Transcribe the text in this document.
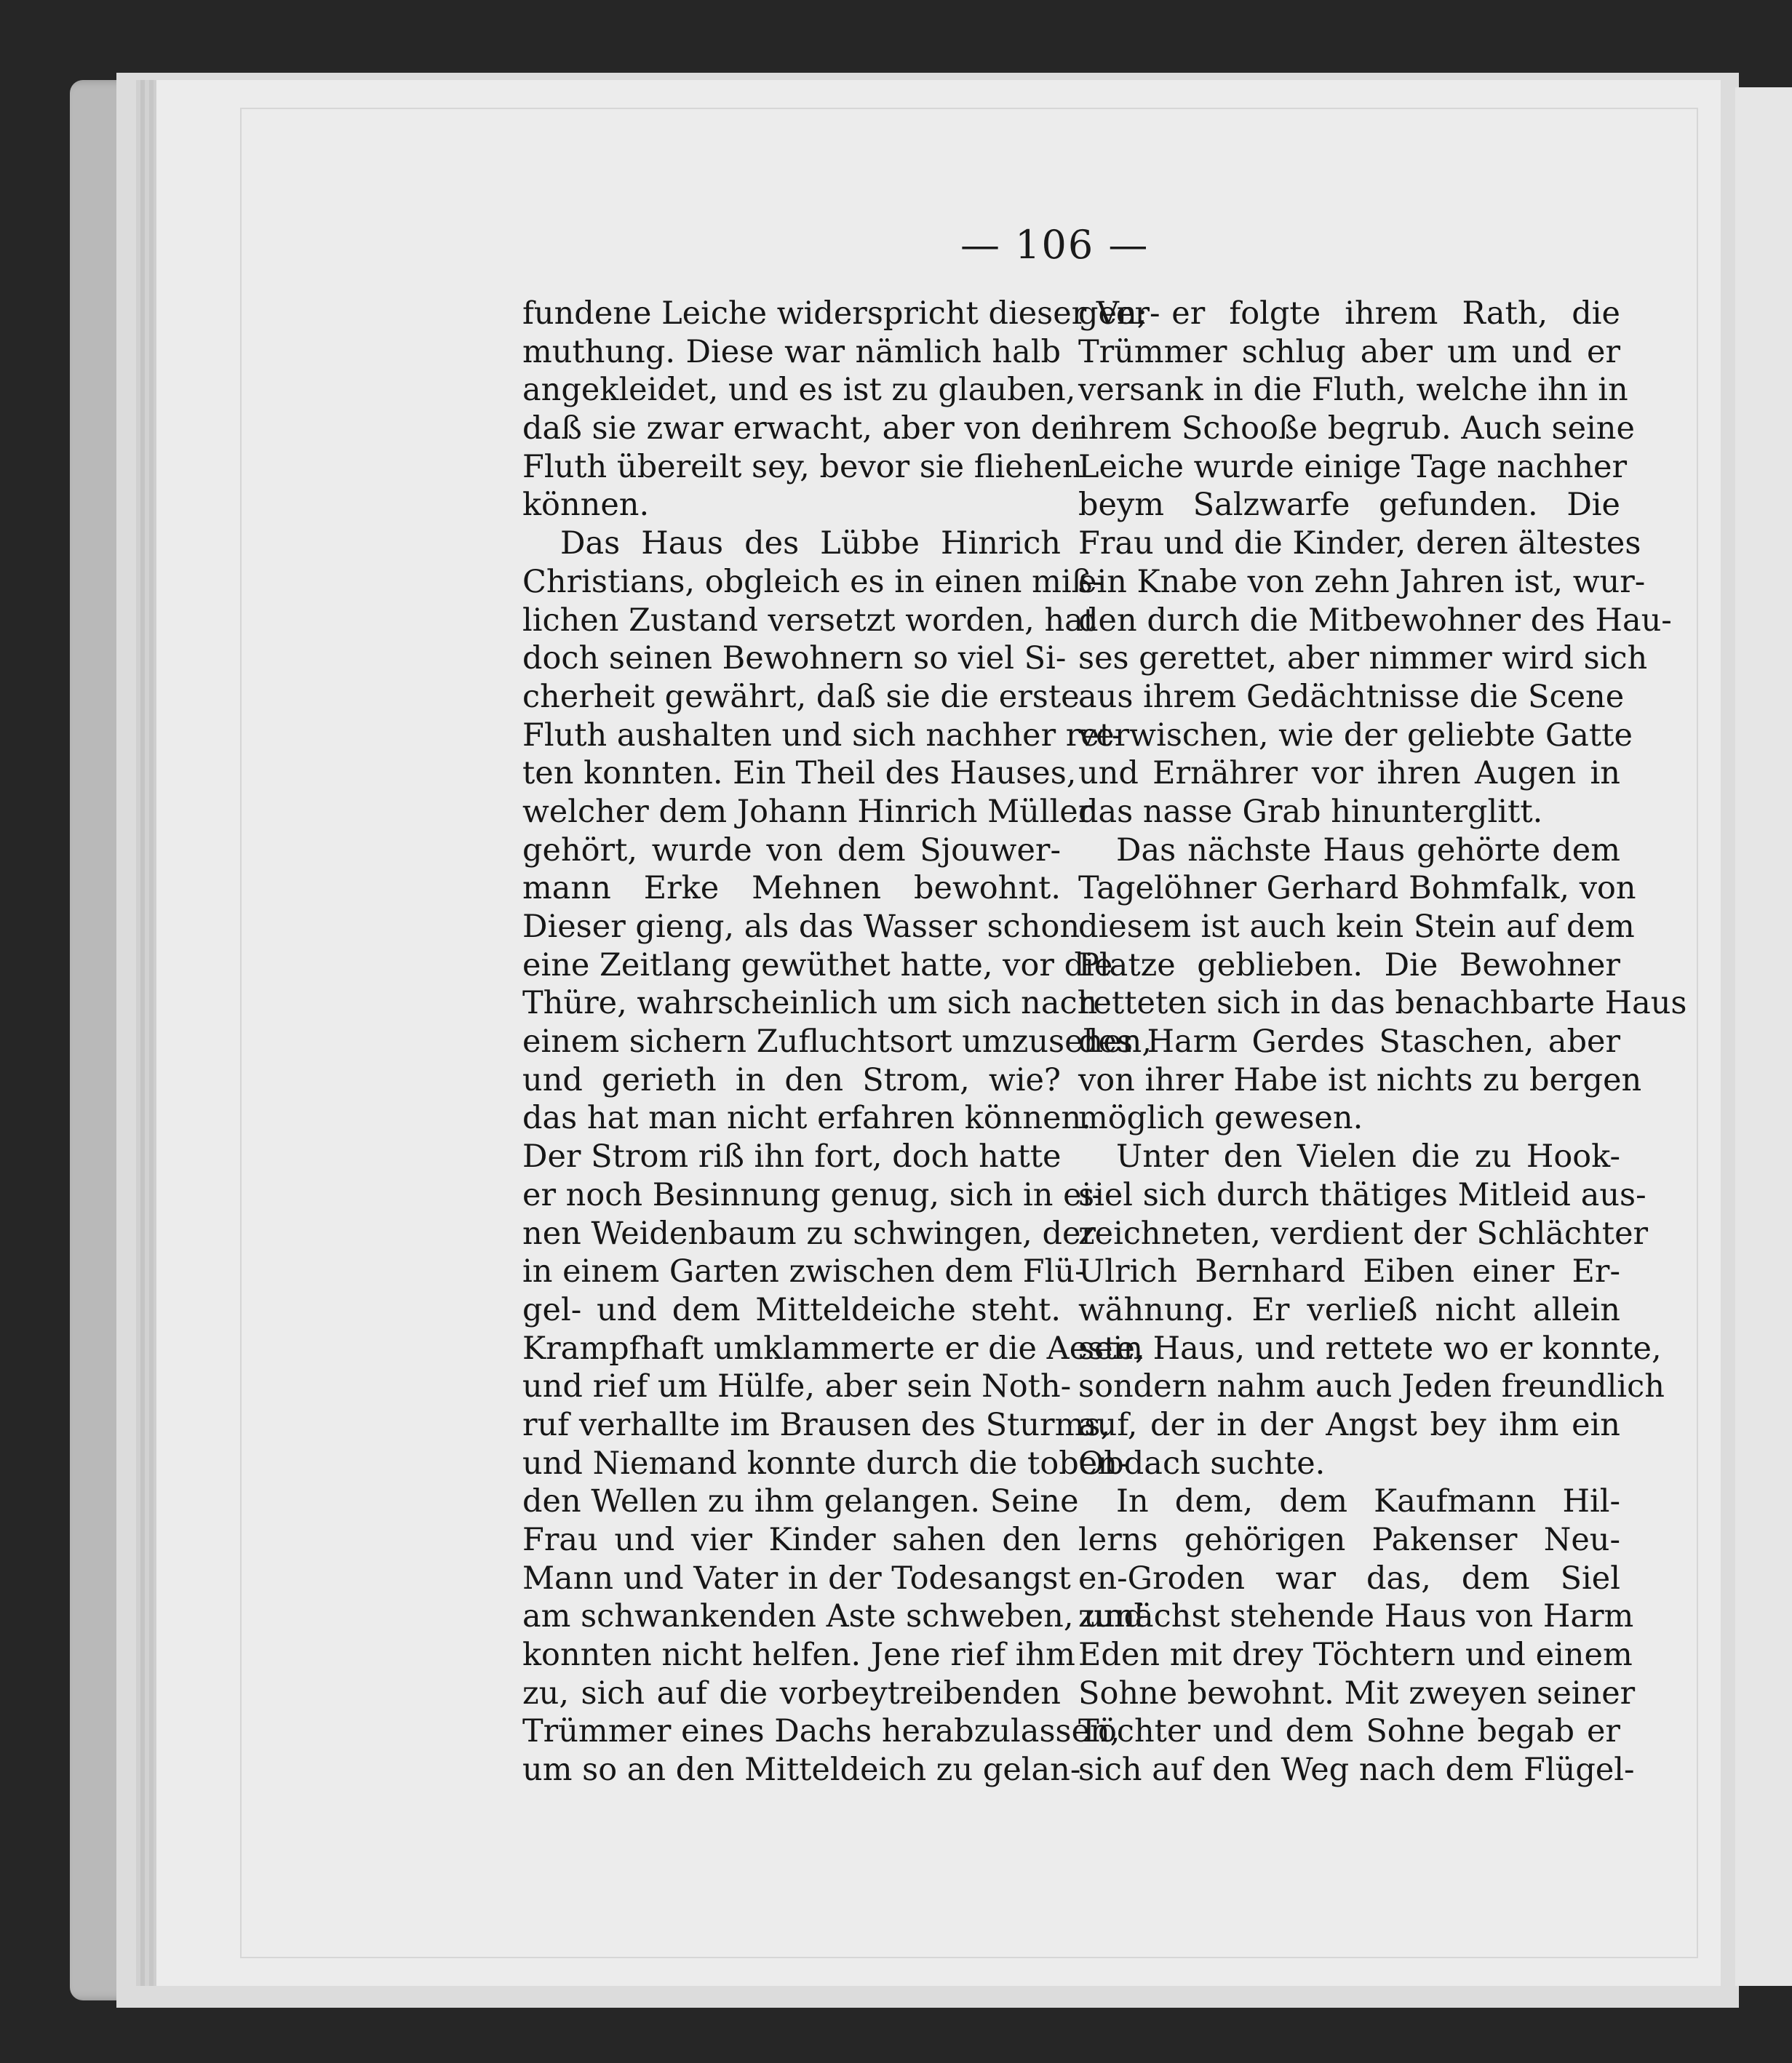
— 106 —
fundene Leiche widerspricht dieser Ver-
muthung. Diese war nämlich halb
angekleidet, und es ist zu glauben,
daß sie zwar erwacht, aber von der
Fluth übereilt sey, bevor sie fliehen
können.
Das Haus des Lübbe Hinrich
Christians, obgleich es in einen miß-
lichen Zustand versetzt worden, hat
doch seinen Bewohnern so viel Si-
cherheit gewährt, daß sie die erste
Fluth aushalten und sich nachher ret-
ten konnten. Ein Theil des Hauses,
welcher dem Johann Hinrich Müller
gehört, wurde von dem Sjouwer-
mann Erke Mehnen bewohnt.
Dieser gieng, als das Wasser schon
eine Zeitlang gewüthet hatte, vor die
Thüre, wahrscheinlich um sich nach
einem sichern Zufluchtsort umzusehen,
und gerieth in den Strom, wie?
das hat man nicht erfahren können.
Der Strom riß ihn fort, doch hatte
er noch Besinnung genug, sich in ei-
nen Weidenbaum zu schwingen, der
in einem Garten zwischen dem Flü-
gel- und dem Mitteldeiche steht.
Krampfhaft umklammerte er die Aeste,
und rief um Hülfe, aber sein Noth-
ruf verhallte im Brausen des Sturms,
und Niemand konnte durch die toben-
den Wellen zu ihm gelangen. Seine
Frau und vier Kinder sahen den
Mann und Vater in der Todesangst
am schwankenden Aste schweben, und
konnten nicht helfen. Jene rief ihm
zu, sich auf die vorbeytreibenden
Trümmer eines Dachs herabzulassen,
um so an den Mitteldeich zu gelan-
gen; er folgte ihrem Rath, die
Trümmer schlug aber um und er
versank in die Fluth, welche ihn in
ihrem Schooße begrub. Auch seine
Leiche wurde einige Tage nachher
beym Salzwarfe gefunden. Die
Frau und die Kinder, deren ältestes
ein Knabe von zehn Jahren ist, wur-
den durch die Mitbewohner des Hau-
ses gerettet, aber nimmer wird sich
aus ihrem Gedächtnisse die Scene
verwischen, wie der geliebte Gatte
und Ernährer vor ihren Augen in
das nasse Grab hinunterglitt.
Das nächste Haus gehörte dem
Tagelöhner Gerhard Bohmfalk, von
diesem ist auch kein Stein auf dem
Platze geblieben. Die Bewohner
retteten sich in das benachbarte Haus
des Harm Gerdes Staschen, aber
von ihrer Habe ist nichts zu bergen
möglich gewesen.
Unter den Vielen die zu Hook-
siel sich durch thätiges Mitleid aus-
zeichneten, verdient der Schlächter
Ulrich Bernhard Eiben einer Er-
wähnung. Er verließ nicht allein
sein Haus, und rettete wo er konnte,
sondern nahm auch Jeden freundlich
auf, der in der Angst bey ihm ein
Obdach suchte.
In dem, dem Kaufmann Hil-
lerns gehörigen Pakenser Neu-
en-Groden war das, dem Siel
zunächst stehende Haus von Harm
Eden mit drey Töchtern und einem
Sohne bewohnt. Mit zweyen seiner
Töchter und dem Sohne begab er
sich auf den Weg nach dem Flügel-
